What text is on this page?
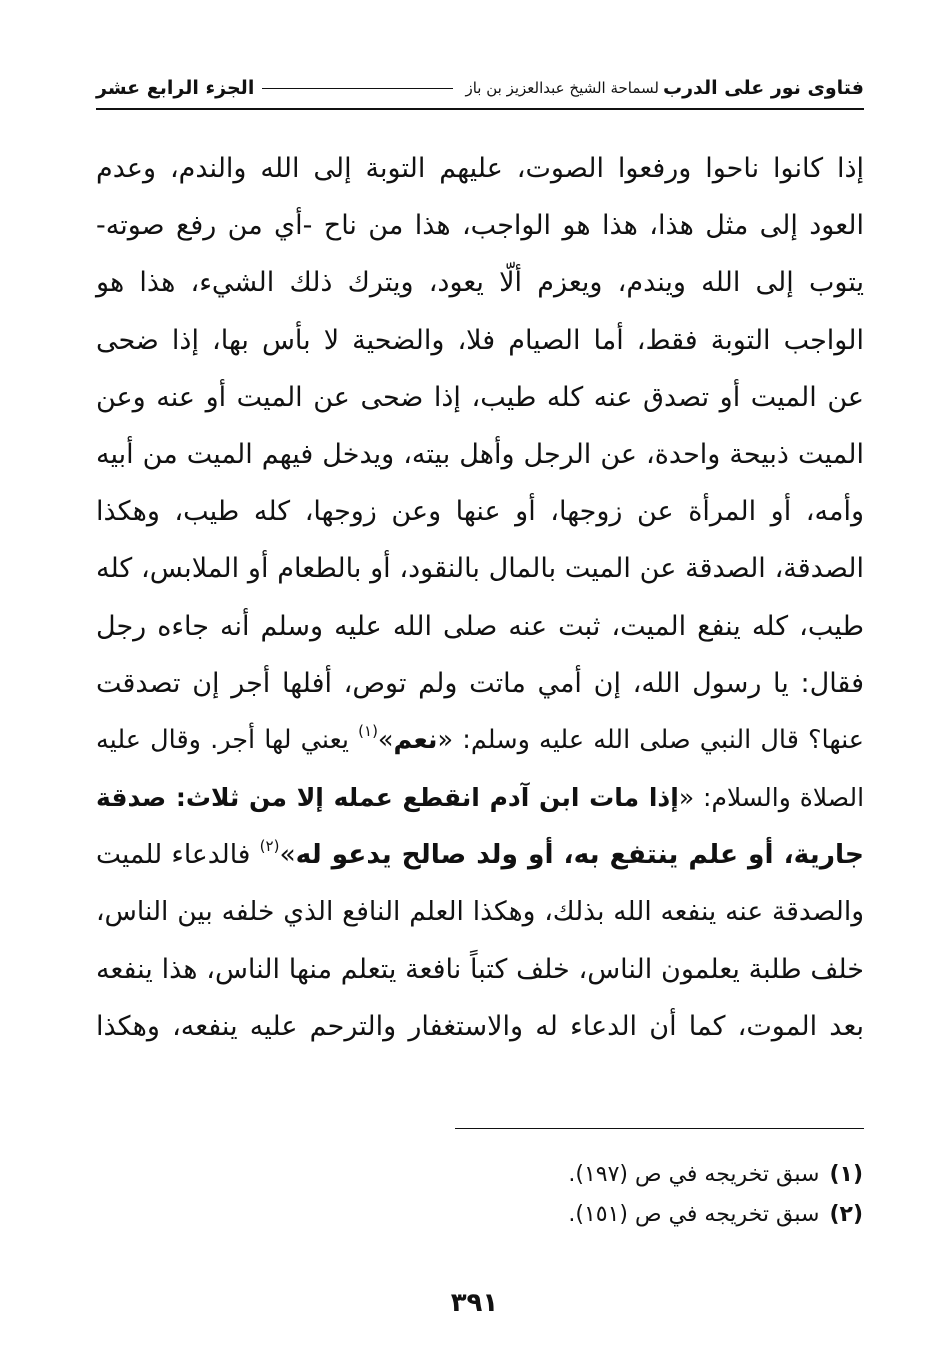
فتاوى نور على الدرب
لسماحة الشيخ عبدالعزيز بن باز
الجزء الرابع عشر
إذا كانوا ناحوا ورفعوا الصوت، عليهم التوبة إلى الله والندم، وعدم
العود إلى مثل هذا، هذا هو الواجب، هذا من ناح -أي من رفع صوته-
يتوب إلى الله ويندم، ويعزم ألّا يعود، ويترك ذلك الشيء، هذا هو
الواجب التوبة فقط، أما الصيام فلا، والضحية لا بأس بها، إذا ضحى
عن الميت أو تصدق عنه كله طيب، إذا ضحى عن الميت أو عنه وعن
الميت ذبيحة واحدة، عن الرجل وأهل بيته، ويدخل فيهم الميت من أبيه
وأمه، أو المرأة عن زوجها، أو عنها وعن زوجها، كله طيب، وهكذا
الصدقة، الصدقة عن الميت بالمال بالنقود، أو بالطعام أو الملابس، كله
طيب، كله ينفع الميت، ثبت عنه صلى الله عليه وسلم أنه جاءه رجل
فقال: يا رسول الله، إن أمي ماتت ولم توص، أفلها أجر إن تصدقت
عنها؟ قال النبي صلى الله عليه وسلم: «نعم»$^{(١)}$ يعني لها أجر. وقال عليه
الصلاة والسلام: «إذا مات ابن آدم انقطع عمله إلا من ثلاث: صدقة
جارية، أو علم ينتفع به، أو ولد صالح يدعو له»$^{(٢)}$ فالدعاء للميت
والصدقة عنه ينفعه الله بذلك، وهكذا العلم النافع الذي خلفه بين الناس،
خلف طلبة يعلمون الناس، خلف كتباً نافعة يتعلم منها الناس، هذا ينفعه
بعد الموت، كما أن الدعاء له والاستغفار والترحم عليه ينفعه، وهكذا
(١)سبق تخريجه في ص (١٩٧).
(٢)سبق تخريجه في ص (١٥١).
٣٩١
